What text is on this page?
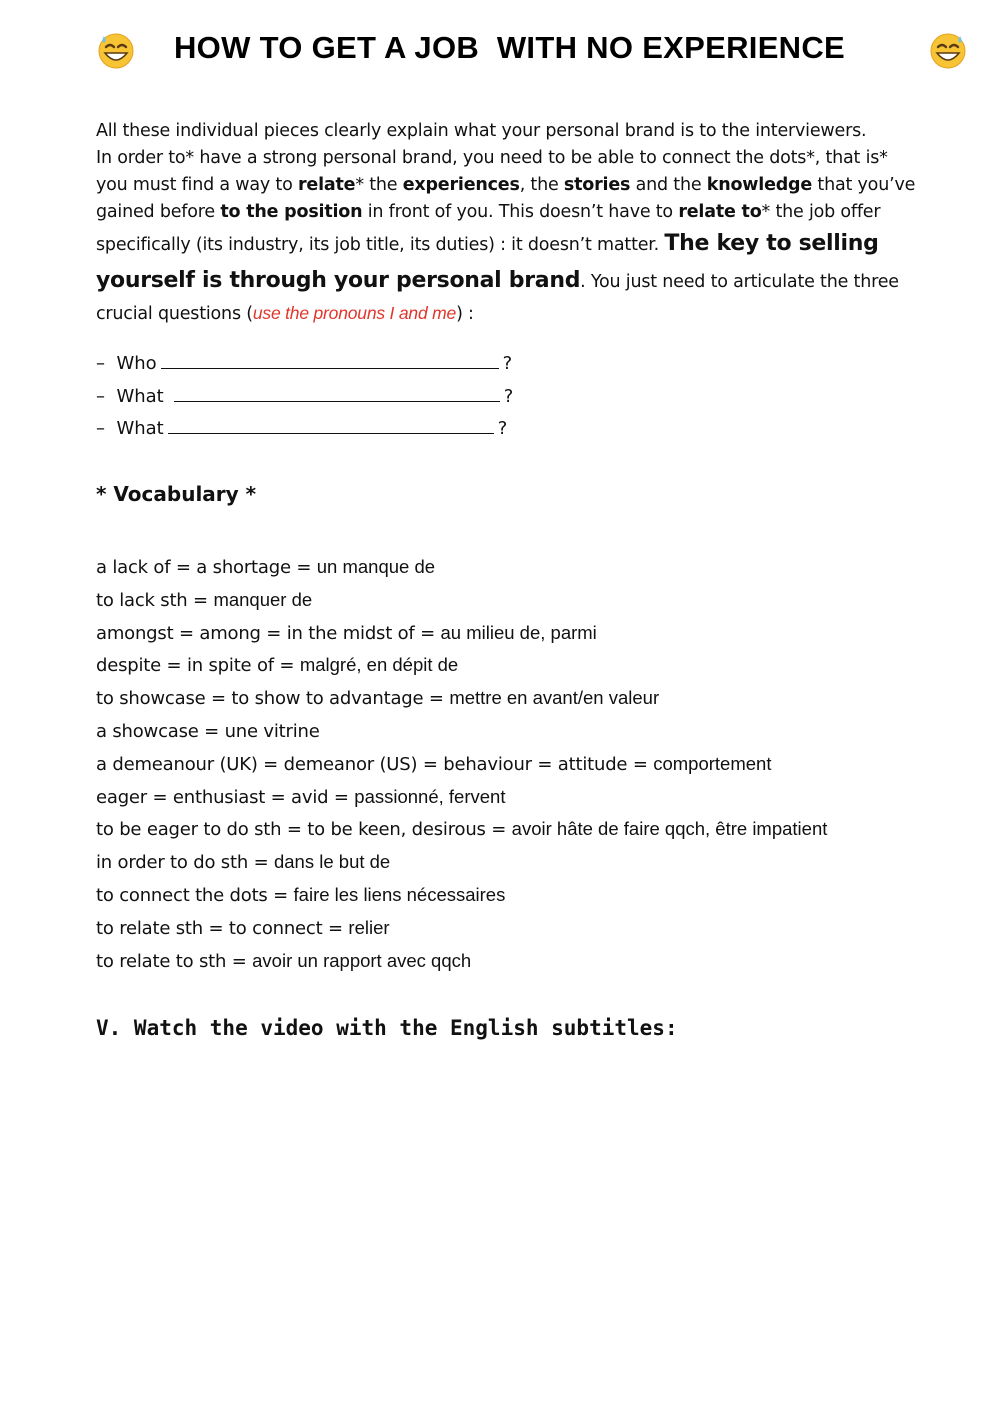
HOW TO GET A JOB  WITH NO EXPERIENCE
All these individual pieces clearly explain what your personal brand is to the interviewers.
In order to* have a strong personal brand, you need to be able to connect the dots*, that is*
you must find a way to relate* the experiences, the stories and the knowledge that you’ve
gained before to the position in front of you. This doesn’t have to relate to* the job offer
specifically (its industry, its job title, its duties) : it doesn’t matter. The key to selling
yourself is through your personal brand. You just need to articulate the three
crucial questions (use the pronouns I and me) :
–  Who	?
–  What	?
–  What	?
* Vocabulary *
a lack of = a shortage = un manque de
to lack sth = manquer de
amongst = among = in the midst of = au milieu de, parmi
despite = in spite of = malgré, en dépit de
to showcase = to show to advantage = mettre en avant/en valeur
a showcase = une vitrine
a demeanour (UK) = demeanor (US) = behaviour = attitude = comportement
eager = enthusiast = avid = passionné, fervent
to be eager to do sth = to be keen, desirous = avoir hâte de faire qqch, être impatient
in order to do sth = dans le but de
to connect the dots = faire les liens nécessaires
to relate sth = to connect = relier
to relate to sth = avoir un rapport avec qqch
V. Watch the video with the English subtitles:
